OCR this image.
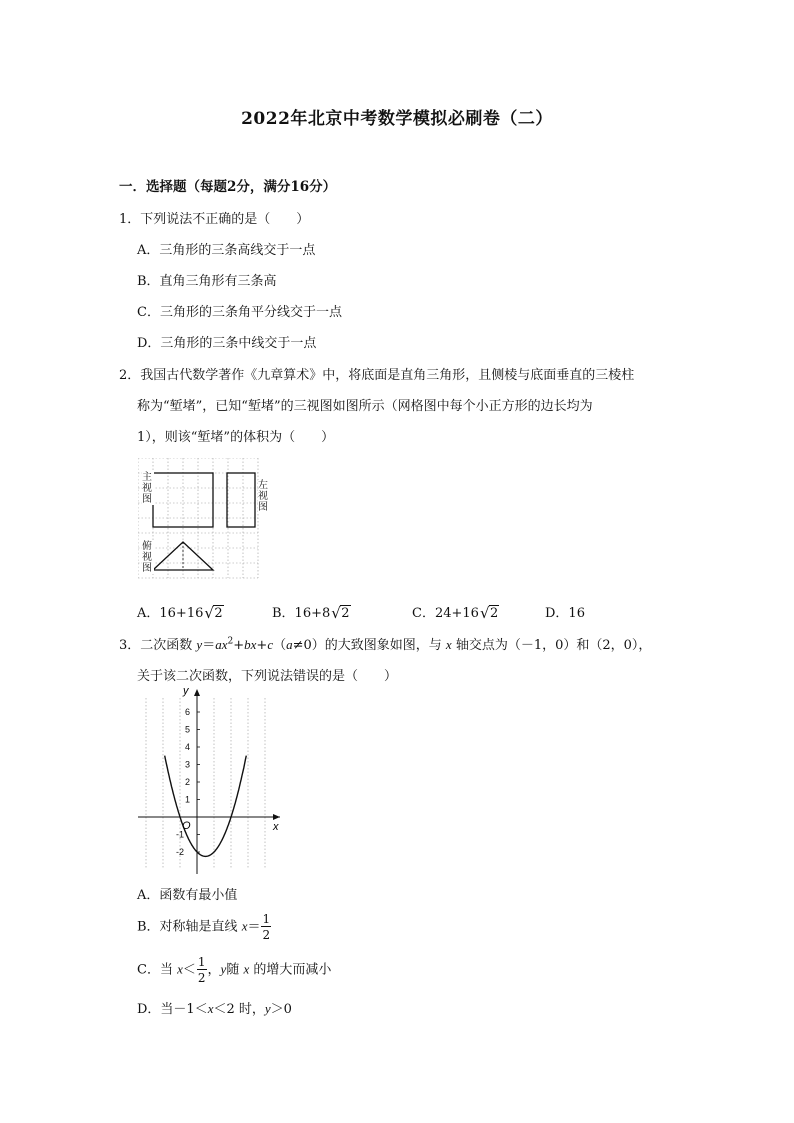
2022年北京中考数学模拟必刷卷（二）
一．选择题（每题2分，满分16分）
1．下列说法不正确的是（　　）
A．三角形的三条高线交于一点
B．直角三角形有三条高
C．三角形的三条角平分线交于一点
D．三角形的三条中线交于一点
2．我国古代数学著作《九章算术》中，将底面是直角三角形，且侧棱与底面垂直的三棱柱
称为“堑堵”，已知“堑堵”的三视图如图所示（网格图中每个小正方形的边长均为
1），则该“堑堵”的体积为（　　）
主视图
左视图
俯视图
A．16+16 √ 2	B．16+8 √ 2	C．24+16 √ 2	D．16
3．二次函数 $y=ax^2+bx+c(a\ne 0)$的大致图象如图，与 x 轴交点为（－1，0）和（2，0），
关于该二次函数，下列说法错误的是（　　）
6
5
4
3
2
1
-1
-2
y
x
O
A．函数有最小值
B．对称轴是直线 $x= \frac{1}{2}$
C．当 $x< \frac{1}{2}$ ，y随 x 的增大而减小
D．当－1＜x＜2 时，y＞0
